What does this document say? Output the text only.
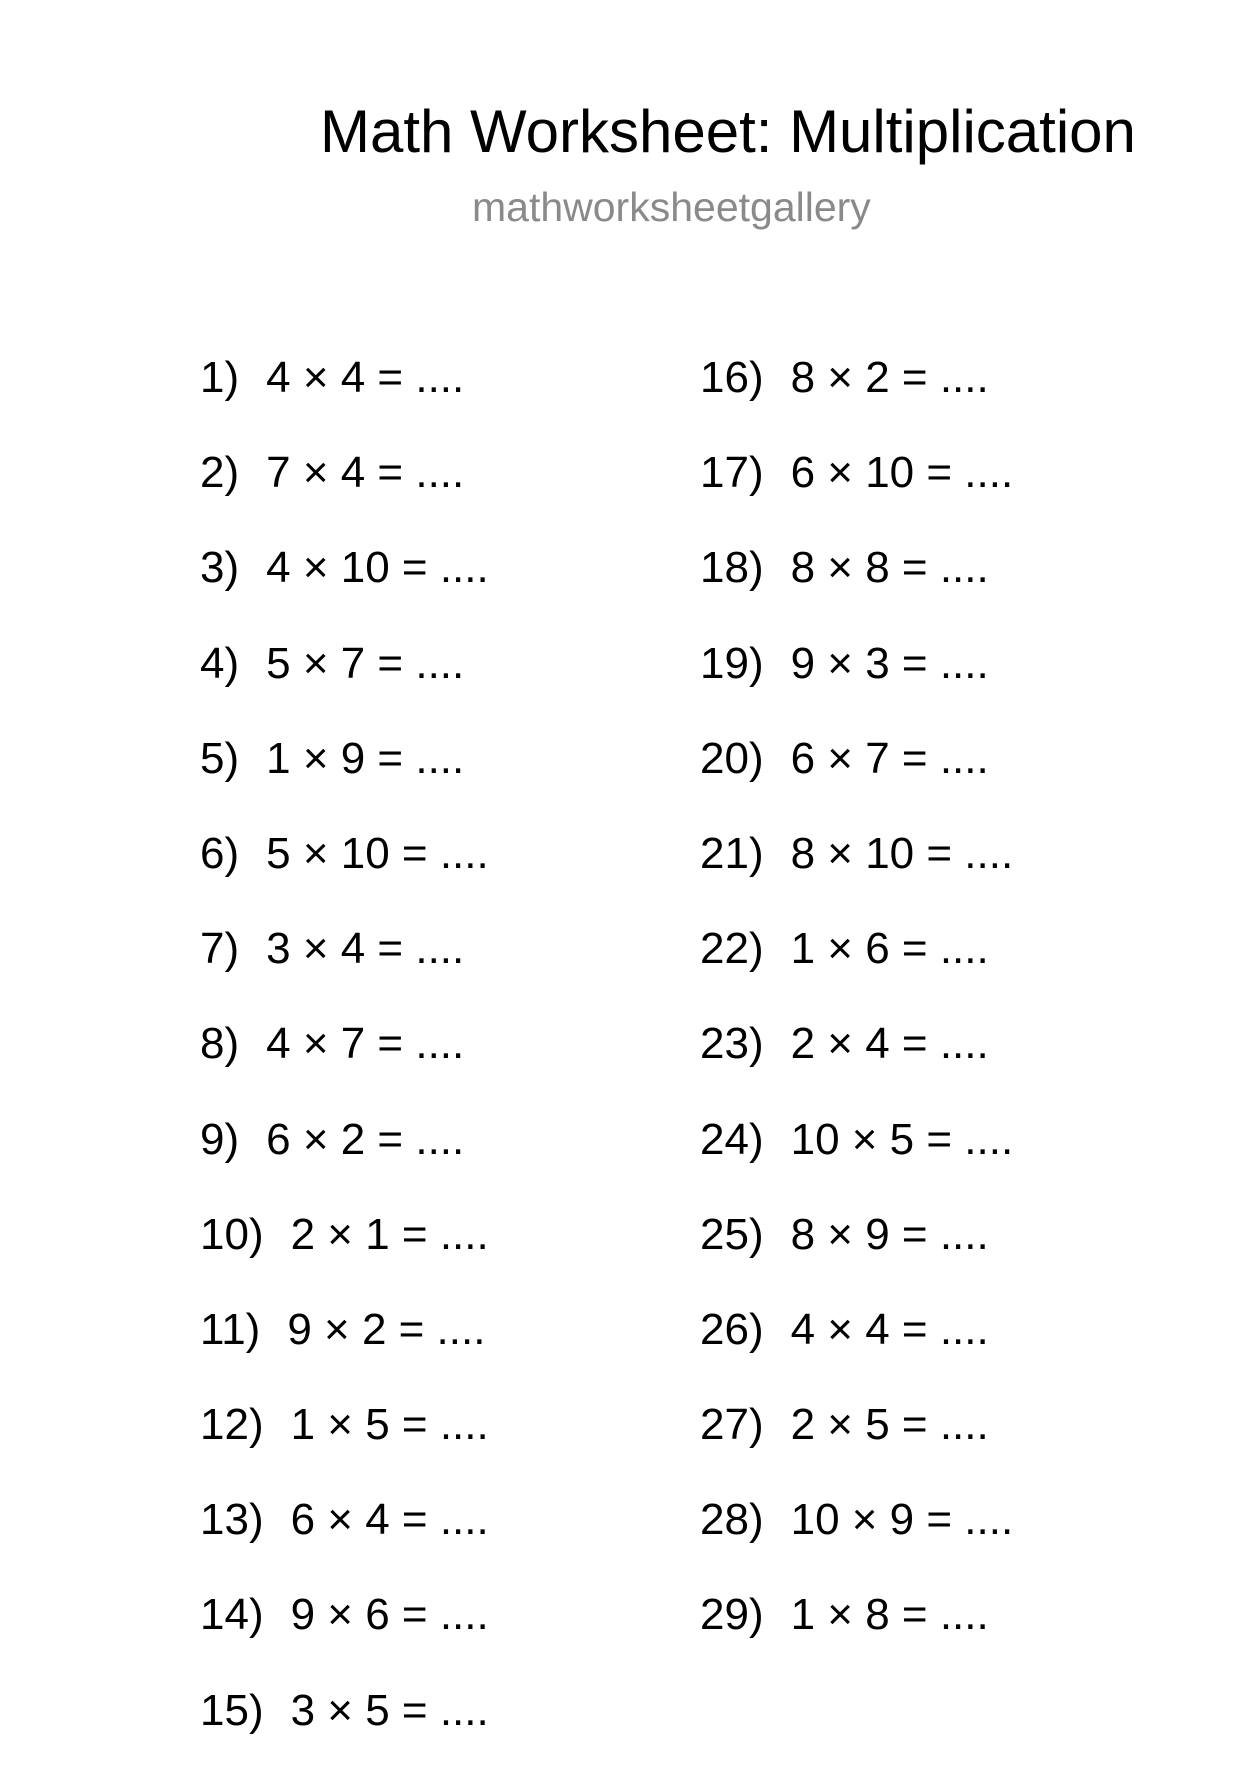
Math Worksheet: Multiplication
mathworksheetgallery
1) 4 × 4 = ....
2) 7 × 4 = ....
3) 4 × 10 = ....
4) 5 × 7 = ....
5) 1 × 9 = ....
6) 5 × 10 = ....
7) 3 × 4 = ....
8) 4 × 7 = ....
9) 6 × 2 = ....
10) 2 × 1 = ....
11) 9 × 2 = ....
12) 1 × 5 = ....
13) 6 × 4 = ....
14) 9 × 6 = ....
15) 3 × 5 = ....
16) 8 × 2 = ....
17) 6 × 10 = ....
18) 8 × 8 = ....
19) 9 × 3 = ....
20) 6 × 7 = ....
21) 8 × 10 = ....
22) 1 × 6 = ....
23) 2 × 4 = ....
24) 10 × 5 = ....
25) 8 × 9 = ....
26) 4 × 4 = ....
27) 2 × 5 = ....
28) 10 × 9 = ....
29) 1 × 8 = ....
